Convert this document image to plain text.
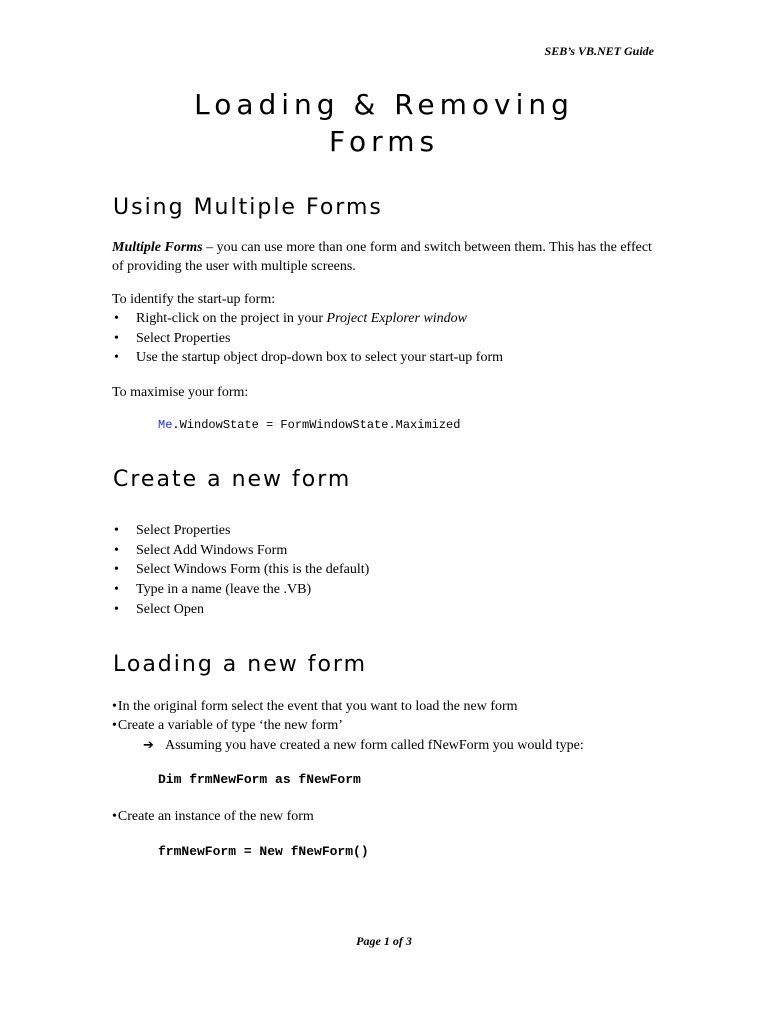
SEB’s VB.NET Guide
Loading & Removing
Forms
Using Multiple Forms
Multiple Forms – you can use more than one form and switch between them. This has the effect of providing the user with multiple screens.
To identify the start-up form:
• Right-click on the project in your Project Explorer window
• Select Properties
• Use the startup object drop-down box to select your start-up form
To maximise your form:
Me.WindowState = FormWindowState.Maximized
Create a new form
• Select Properties
• Select Add Windows Form
• Select Windows Form (this is the default)
• Type in a name (leave the .VB)
• Select Open
Loading a new form
•In the original form select the event that you want to load the new form
•Create a variable of type ‘the new form’
➔ Assuming you have created a new form called fNewForm you would type:
Dim frmNewForm as fNewForm
•Create an instance of the new form
frmNewForm = New fNewForm()
Page 1 of 3
